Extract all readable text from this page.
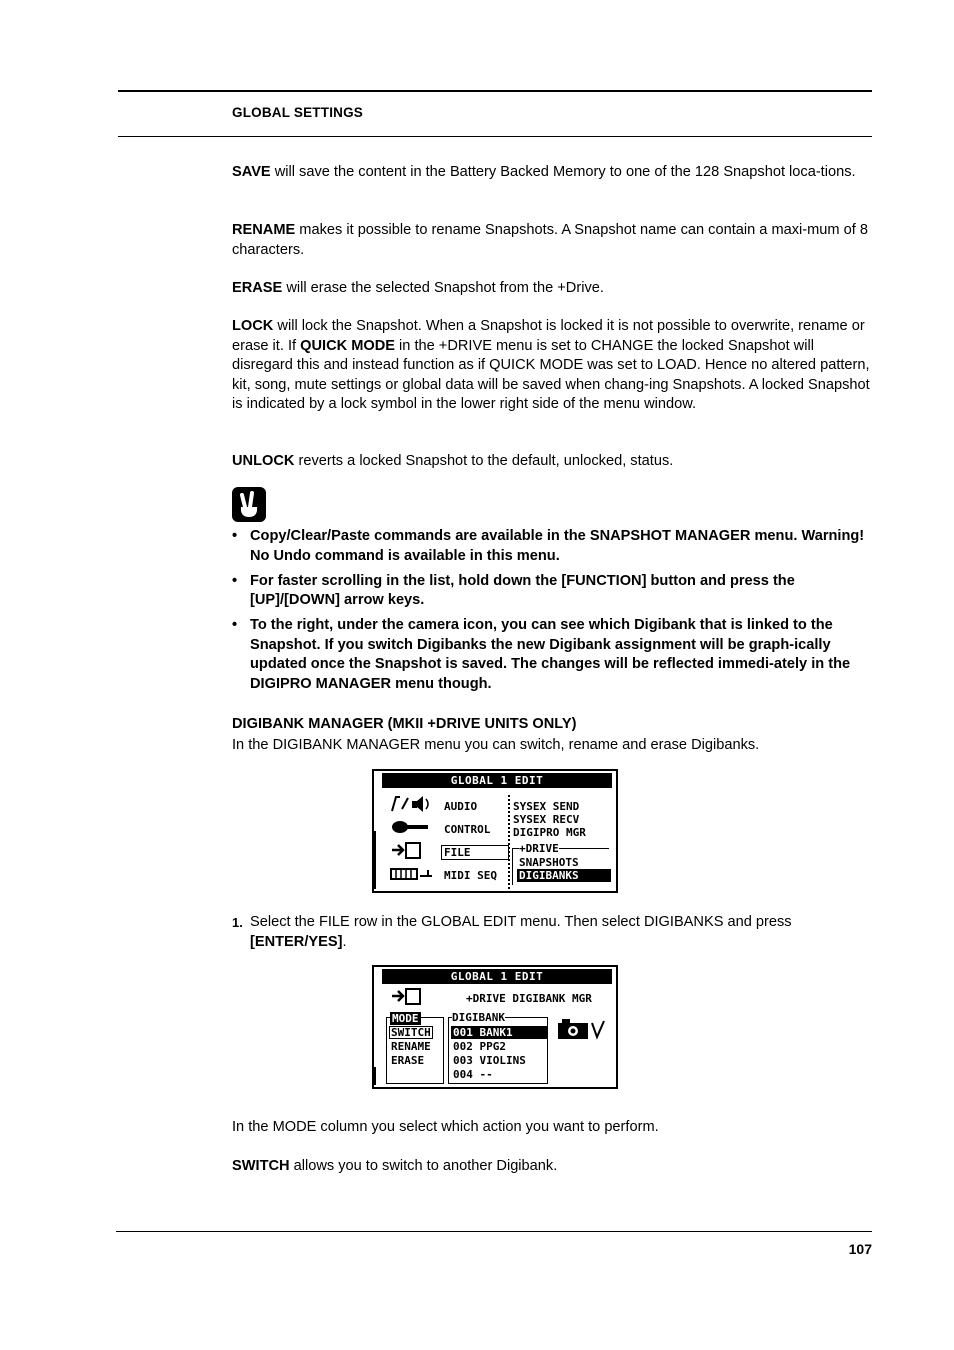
GLOBAL SETTINGS
SAVE will save the content in the Battery Backed Memory to one of the 128 Snapshot loca-tions.
RENAME makes it possible to rename Snapshots. A Snapshot name can contain a maxi-mum of 8 characters.
ERASE will erase the selected Snapshot from the +Drive.
LOCK will lock the Snapshot. When a Snapshot is locked it is not possible to overwrite, rename or erase it. If QUICK MODE in the +DRIVE menu is set to CHANGE the locked Snapshot will disregard this and instead function as if QUICK MODE was set to LOAD. Hence no altered pattern, kit, song, mute settings or global data will be saved when chang-ing Snapshots. A locked Snapshot is indicated by a lock symbol in the lower right side of the menu window.
UNLOCK reverts a locked Snapshot to the default, unlocked, status.
• Copy/Clear/Paste commands are available in the SNAPSHOT MANAGER menu. Warning! No Undo command is available in this menu.
• For faster scrolling in the list, hold down the [FUNCTION] button and press the [UP]/[DOWN] arrow keys.
• To the right, under the camera icon, you can see which Digibank that is linked to the Snapshot. If you switch Digibanks the new Digibank assignment will be graph-ically updated once the Snapshot is saved. The changes will be reflected immedi-ately in the DIGIPRO MANAGER menu though.
DIGIBANK MANAGER (MKII +DRIVE UNITS ONLY)
In the DIGIBANK MANAGER menu you can switch, rename and erase Digibanks.
GLOBAL 1 EDIT
AUDIO
CONTROL
FILE
MIDI SEQ
SYSEX SEND
SYSEX RECV
DIGIPRO MGR
+DRIVE
SNAPSHOTS
DIGIBANKS
1. Select the FILE row in the GLOBAL EDIT menu. Then select DIGIBANKS and press [ENTER/YES].
GLOBAL 1 EDIT
+DRIVE DIGIBANK MGR
MODE
SWITCH
RENAME
ERASE
DIGIBANK
001 BANK1
002 PPG2
003 VIOLINS
004 --
In the MODE column you select which action you want to perform.
SWITCH allows you to switch to another Digibank.
107
